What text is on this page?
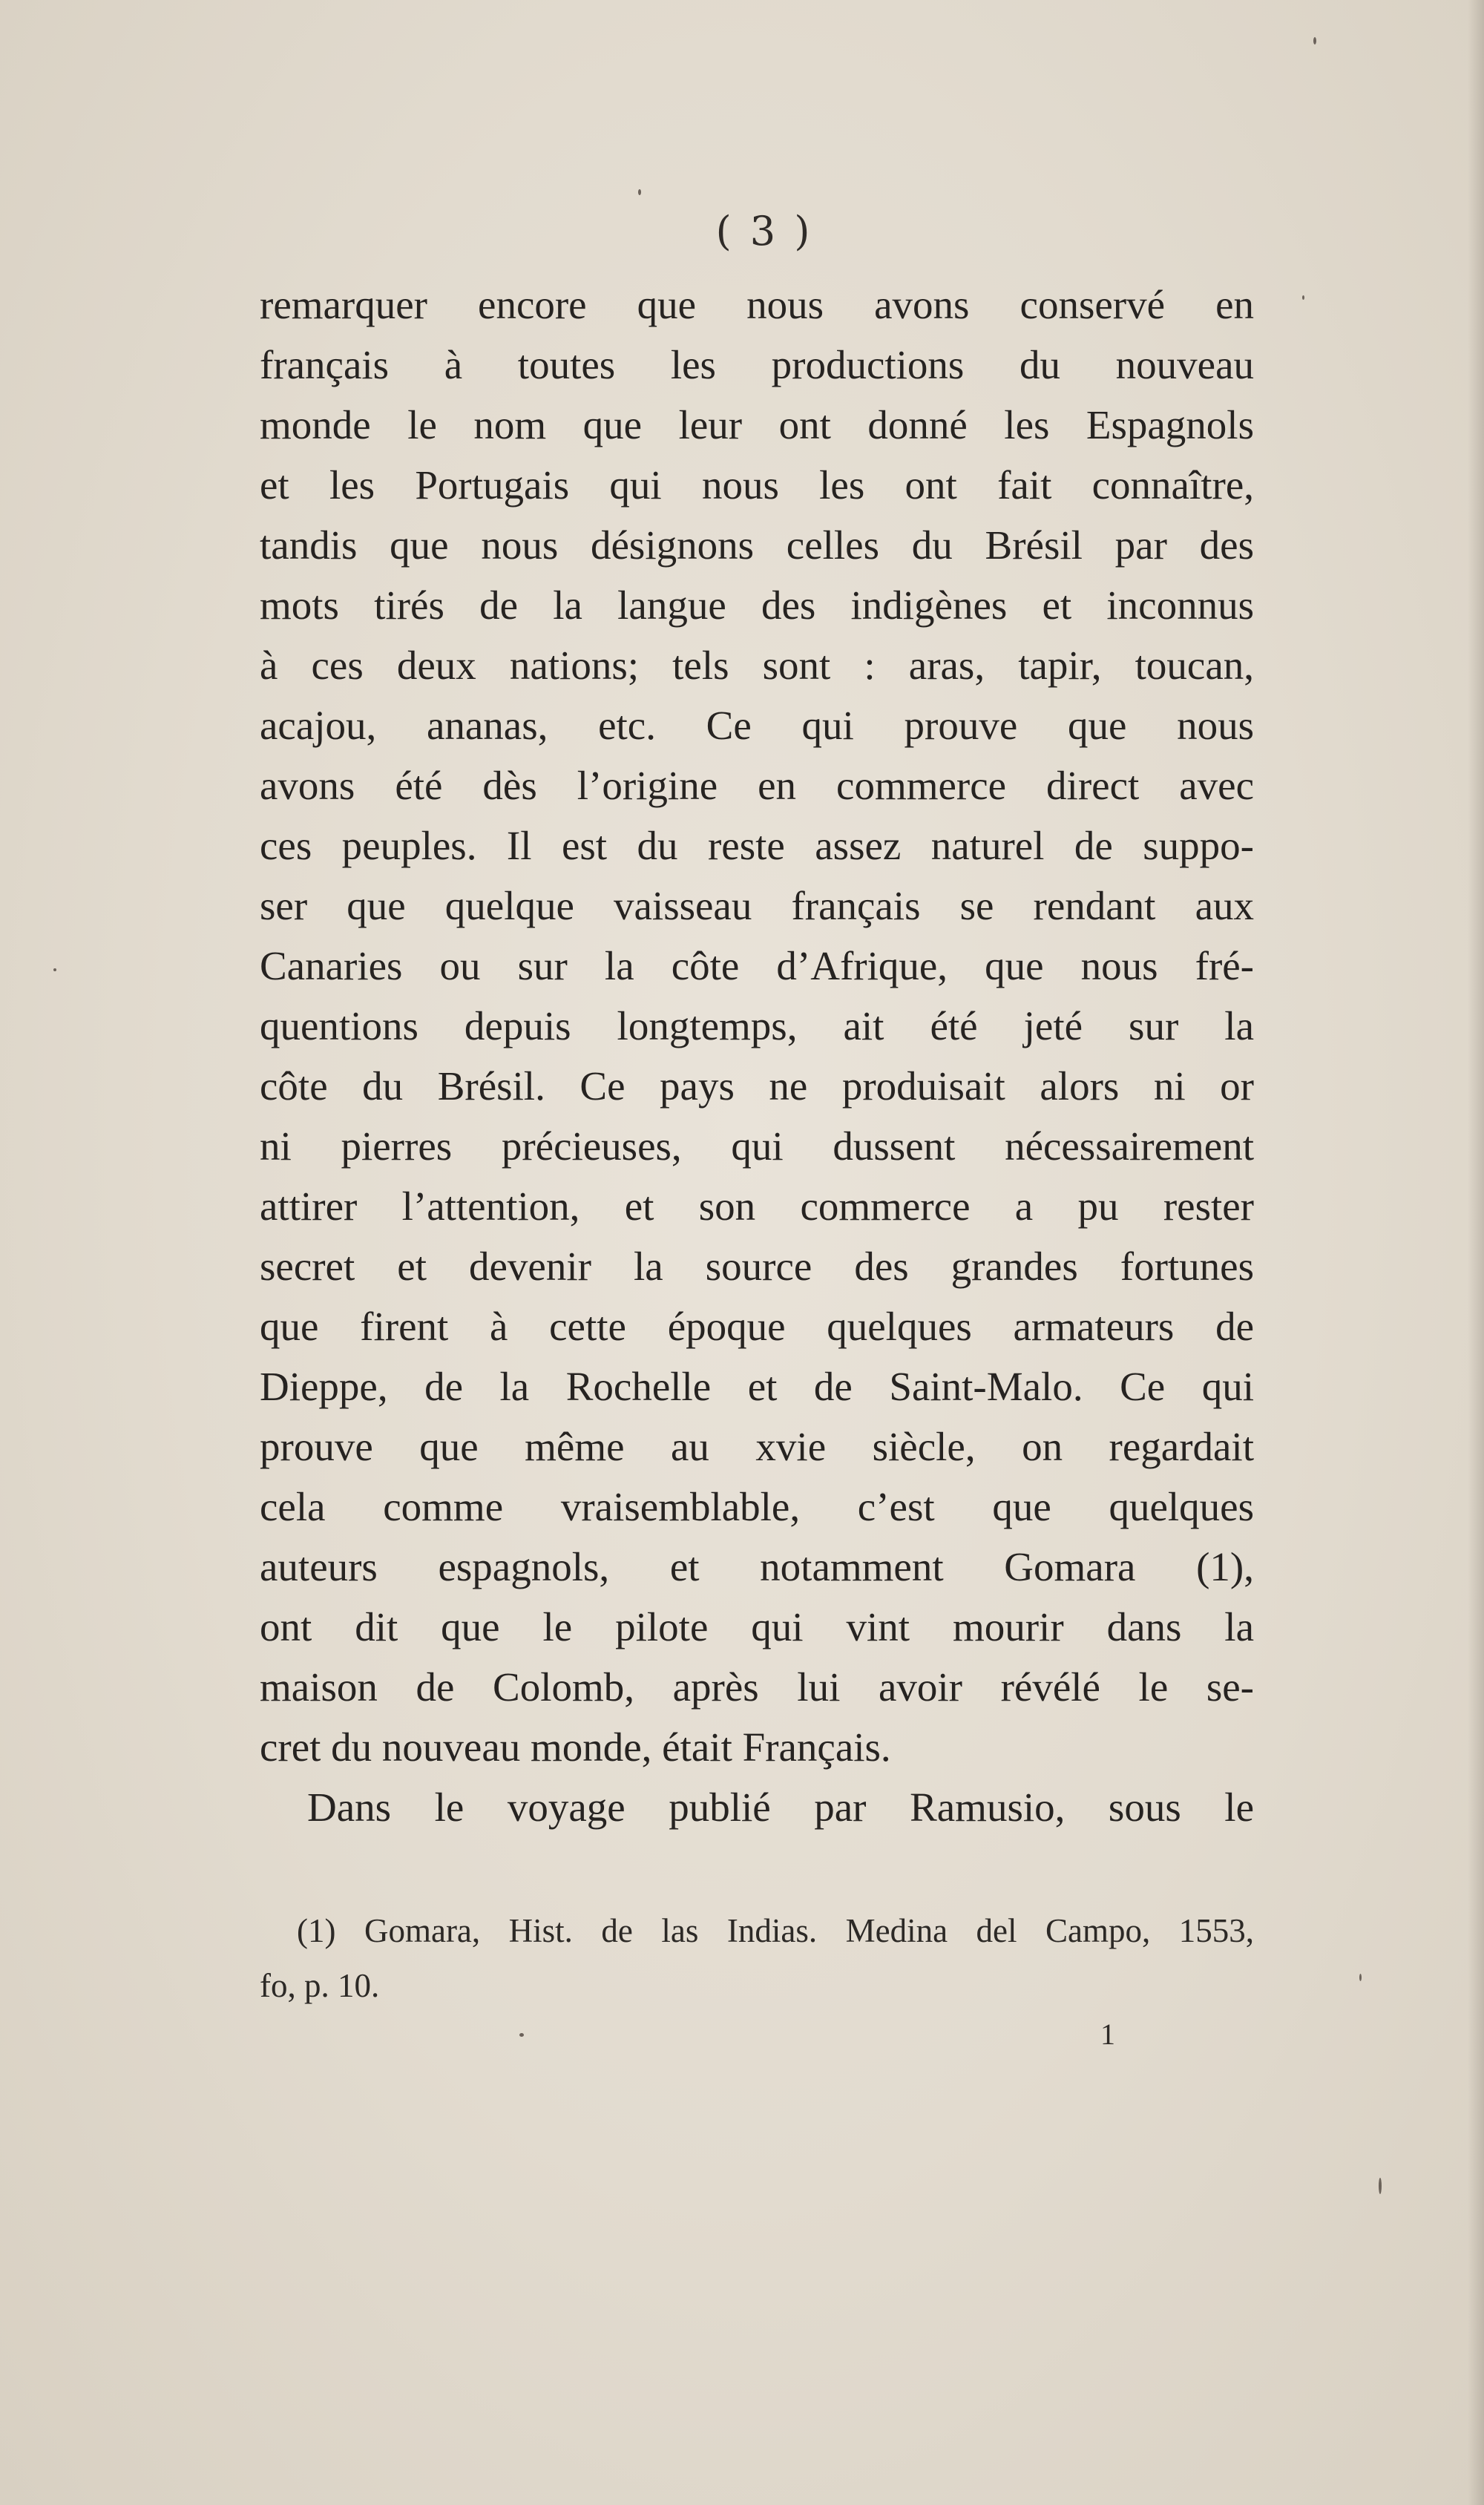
( 3 )
remarquer encore que nous avons conservé en
français à toutes les productions du nouveau
monde le nom que leur ont donné les Espagnols
et les Portugais qui nous les ont fait connaître,
tandis que nous désignons celles du Brésil par des
mots tirés de la langue des indigènes et inconnus
à ces deux nations; tels sont : aras, tapir, toucan,
acajou, ananas, etc. Ce qui prouve que nous
avons été dès l’origine en commerce direct avec
ces peuples. Il est du reste assez naturel de suppo-
ser que quelque vaisseau français se rendant aux
Canaries ou sur la côte d’Afrique, que nous fré-
quentions depuis longtemps, ait été jeté sur la
côte du Brésil. Ce pays ne produisait alors ni or
ni pierres précieuses, qui dussent nécessairement
attirer l’attention, et son commerce a pu rester
secret et devenir la source des grandes fortunes
que firent à cette époque quelques armateurs de
Dieppe, de la Rochelle et de Saint-Malo. Ce qui
prouve que même au xvie siècle, on regardait
cela comme vraisemblable, c’est que quelques
auteurs espagnols, et notamment Gomara (1),
ont dit que le pilote qui vint mourir dans la
maison de Colomb, après lui avoir révélé le se-
cret du nouveau monde, était Français.
Dans le voyage publié par Ramusio, sous le
(1) Gomara, Hist. de las Indias. Medina del Campo, 1553,
fo, p. 10.
1
